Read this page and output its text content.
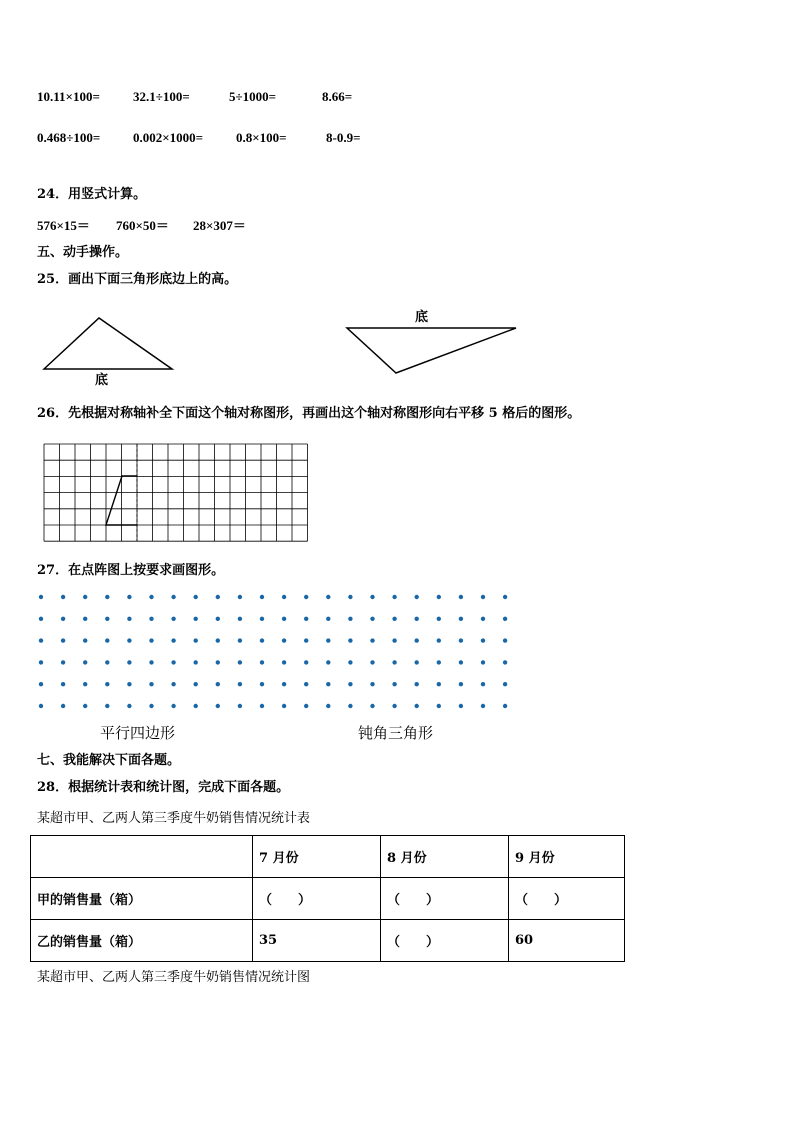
10.11×100=	32.1÷100=	5÷1000=	8.66=
0.468÷100=	0.002×1000=	0.8×100=	8-0.9=
24．用竖式计算。
576×15＝ 760×50＝ 28×307＝
五、动手操作。
25．画出下面三角形底边上的高。
底
底
26．先根据对称轴补全下面这个轴对称图形，再画出这个轴对称图形向右平移 5 格后的图形。
27．在点阵图上按要求画图形。
平行四边形	钝角三角形
七、我能解决下面各题。
28．根据统计表和统计图，完成下面各题。
某超市甲、乙两人第三季度牛奶销售情况统计表
	7 月份	8 月份	9 月份
甲的销售量（箱）	（　　）	（　　）	（　　）
乙的销售量（箱）	35	（　　）	60
某超市甲、乙两人第三季度牛奶销售情况统计图
